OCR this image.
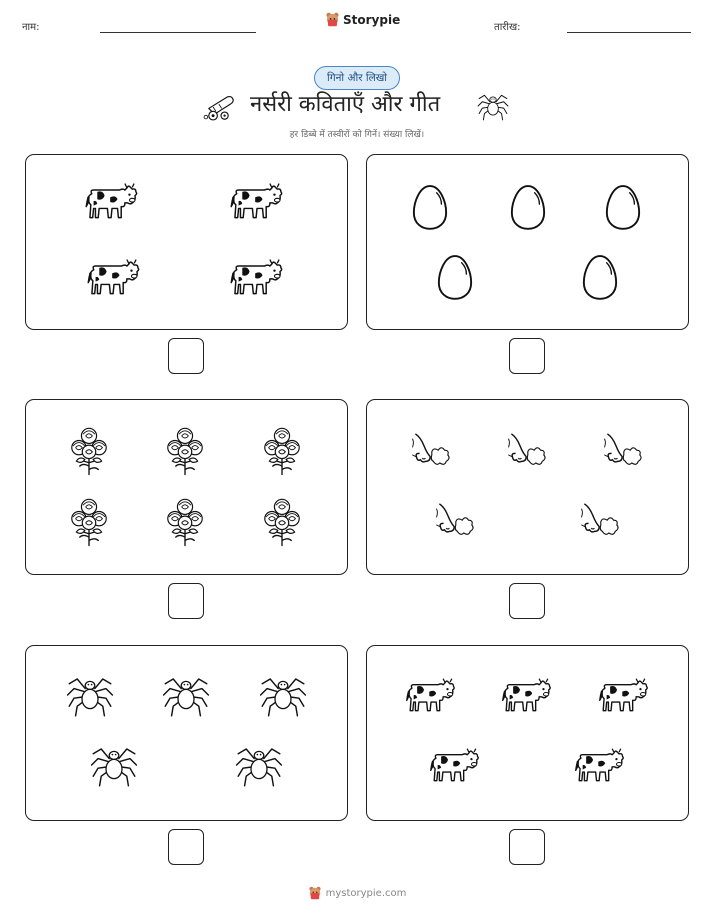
नाम:
Storypie
तारीख:
गिनो और लिखो
नर्सरी कविताएँ और गीत
हर डिब्बे में तस्वीरों को गिनें। संख्या लिखें।
mystorypie.com
